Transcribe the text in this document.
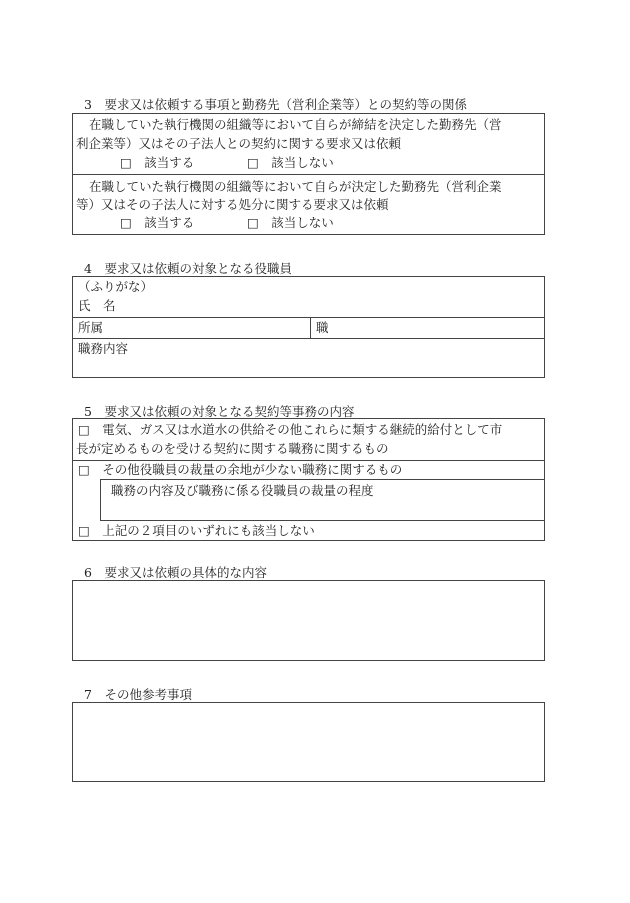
3　要求又は依頼する事項と勤務先（営利企業等）との契約等の関係
在職していた執行機関の組織等において自らが締結を決定した勤務先（営
利企業等）又はその子法人との契約に関する要求又は依頼
□　該当する	□　該当しない
在職していた執行機関の組織等において自らが決定した勤務先（営利企業
等）又はその子法人に対する処分に関する要求又は依頼
□　該当する	□　該当しない
4　要求又は依頼の対象となる役職員
（ふりがな）
氏　名
所属	職
職務内容
5　要求又は依頼の対象となる契約等事務の内容
□　電気、ガス又は水道水の供給その他これらに類する継続的給付として市
長が定めるものを受ける契約に関する職務に関するもの
□　その他役職員の裁量の余地が少ない職務に関するもの
職務の内容及び職務に係る役職員の裁量の程度
□　上記の２項目のいずれにも該当しない
6　要求又は依頼の具体的な内容
7　その他参考事項
